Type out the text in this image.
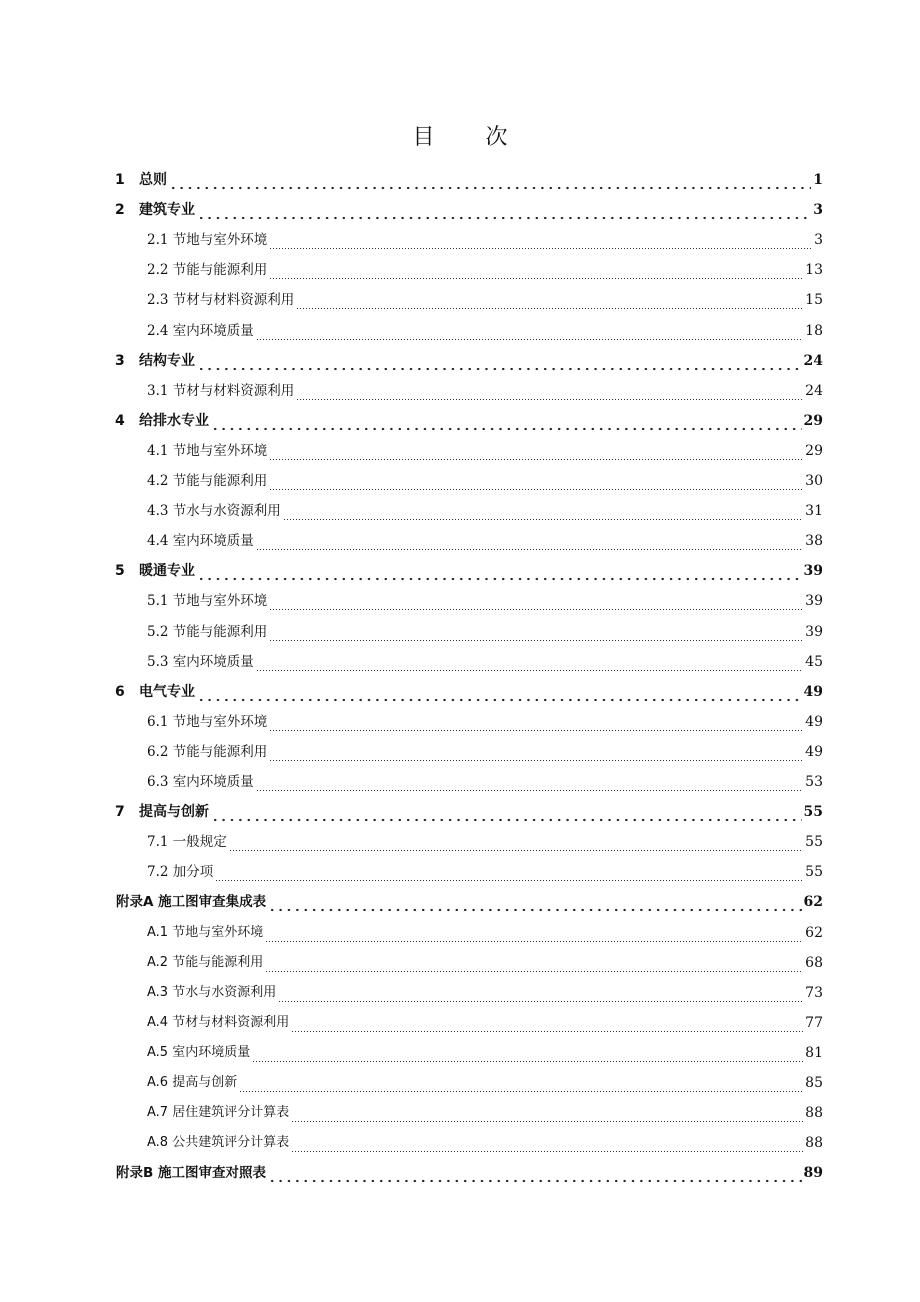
目 次
1 总则	1
2 建筑专业	3
2.1 节地与室外环境	3
2.2 节能与能源利用	13
2.3 节材与材料资源利用	15
2.4 室内环境质量	18
3 结构专业	24
3.1 节材与材料资源利用	24
4 给排水专业	29
4.1 节地与室外环境	29
4.2 节能与能源利用	30
4.3 节水与水资源利用	31
4.4 室内环境质量	38
5 暖通专业	39
5.1 节地与室外环境	39
5.2 节能与能源利用	39
5.3 室内环境质量	45
6 电气专业	49
6.1 节地与室外环境	49
6.2 节能与能源利用	49
6.3 室内环境质量	53
7 提高与创新	55
7.1 一般规定	55
7.2 加分项	55
附录A 施工图审查集成表	62
A.1 节地与室外环境	62
A.2 节能与能源利用	68
A.3 节水与水资源利用	73
A.4 节材与材料资源利用	77
A.5 室内环境质量	81
A.6 提高与创新	85
A.7 居住建筑评分计算表	88
A.8 公共建筑评分计算表	88
附录B 施工图审查对照表	89
